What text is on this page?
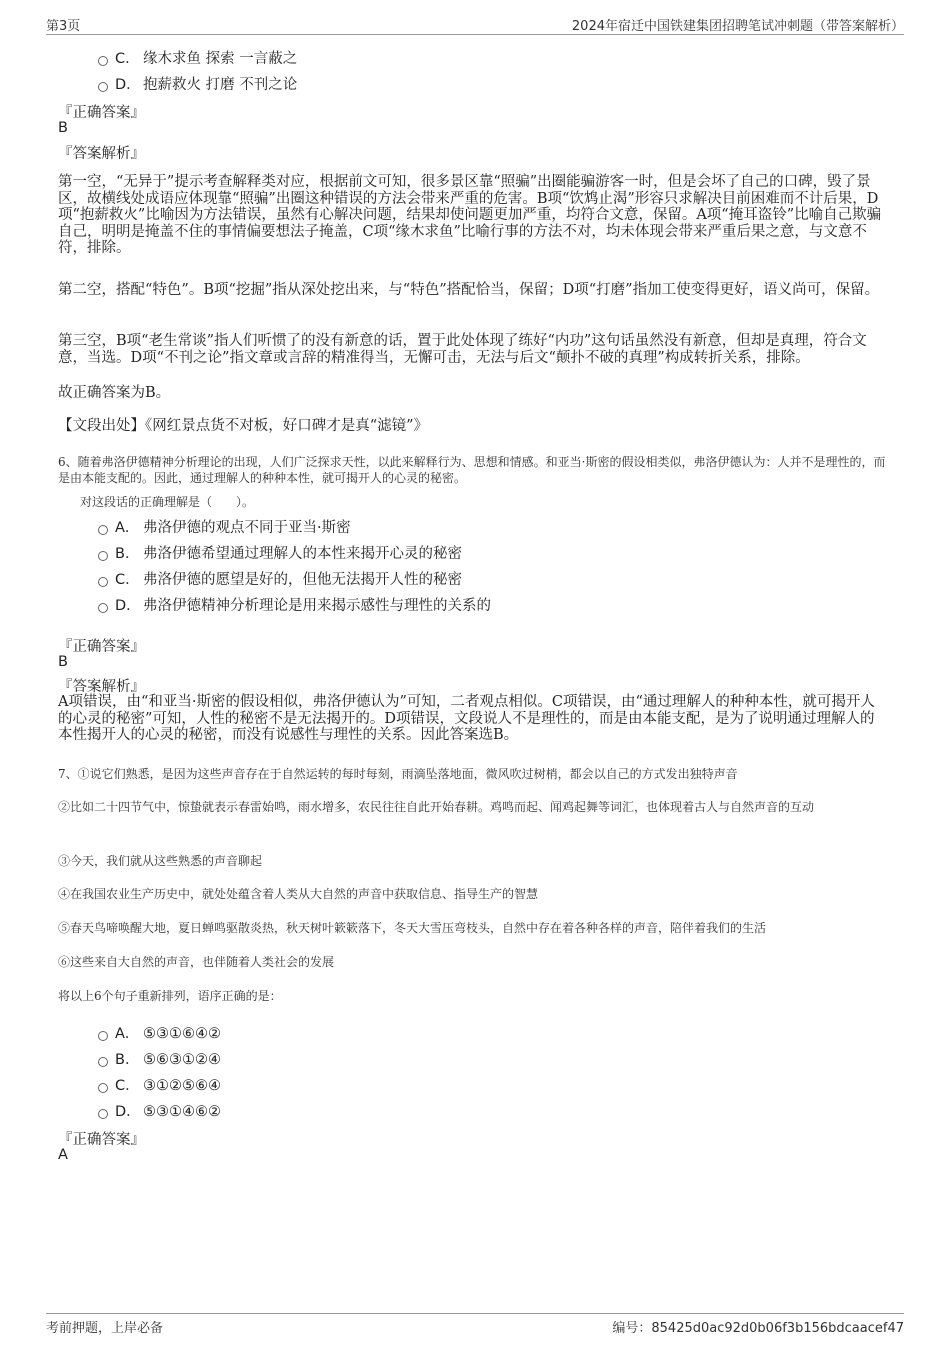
第3页	2024年宿迁中国铁建集团招聘笔试冲刺题（带答案解析）
C． 缘木求鱼 探索 一言蔽之
D． 抱薪救火 打磨 不刊之论
『正确答案』
B
『答案解析』
第一空，“无异于”提示考查解释类对应，根据前文可知，很多景区靠“照骗”出圈能骗游客一时，但是会坏了自己的口碑，毁了景区，故横线处成语应体现靠“照骗”出圈这种错误的方法会带来严重的危害。B项“饮鸩止渴”形容只求解决目前困难而不计后果，D项“抱薪救火”比喻因为方法错误，虽然有心解决问题，结果却使问题更加严重，均符合文意，保留。A项“掩耳盗铃”比喻自己欺骗自己，明明是掩盖不住的事情偏要想法子掩盖，C项“缘木求鱼”比喻行事的方法不对，均未体现会带来严重后果之意，与文意不符，排除。
第二空，搭配“特色”。B项“挖掘”指从深处挖出来，与“特色”搭配恰当，保留；D项“打磨”指加工使变得更好，语义尚可，保留。
第三空，B项“老生常谈”指人们听惯了的没有新意的话，置于此处体现了练好“内功”这句话虽然没有新意，但却是真理，符合文意，当选。D项“不刊之论”指文章或言辞的精准得当，无懈可击，无法与后文“颠扑不破的真理”构成转折关系，排除。
故正确答案为B。
【文段出处】《网红景点货不对板，好口碑才是真“滤镜”》
6、随着弗洛伊德精神分析理论的出现，人们广泛探求天性，以此来解释行为、思想和情感。和亚当·斯密的假设相类似，弗洛伊德认为：人并不是理性的，而是由本能支配的。因此，通过理解人的种种本性，就可揭开人的心灵的秘密。
对这段话的正确理解是（　　）。
A． 弗洛伊德的观点不同于亚当·斯密
B． 弗洛伊德希望通过理解人的本性来揭开心灵的秘密
C． 弗洛伊德的愿望是好的，但他无法揭开人性的秘密
D． 弗洛伊德精神分析理论是用来揭示感性与理性的关系的
『正确答案』
B
『答案解析』
A项错误，由“和亚当·斯密的假设相似，弗洛伊德认为”可知，二者观点相似。C项错误，由“通过理解人的种种本性，就可揭开人的心灵的秘密”可知，人性的秘密不是无法揭开的。D项错误，文段说人不是理性的，而是由本能支配，是为了说明通过理解人的本性揭开人的心灵的秘密，而没有说感性与理性的关系。因此答案选B。
7、①说它们熟悉，是因为这些声音存在于自然运转的每时每刻，雨滴坠落地面，微风吹过树梢，都会以自己的方式发出独特声音
②比如二十四节气中，惊蛰就表示春雷始鸣，雨水增多，农民往往自此开始春耕。鸡鸣而起、闻鸡起舞等词汇，也体现着古人与自然声音的互动
③今天，我们就从这些熟悉的声音聊起
④在我国农业生产历史中，就处处蕴含着人类从大自然的声音中获取信息、指导生产的智慧
⑤春天鸟啼唤醒大地，夏日蝉鸣驱散炎热，秋天树叶簌簌落下，冬天大雪压弯枝头，自然中存在着各种各样的声音，陪伴着我们的生活
⑥这些来自大自然的声音，也伴随着人类社会的发展
将以上6个句子重新排列，语序正确的是：
A． ⑤③①⑥④②
B． ⑤⑥③①②④
C． ③①②⑤⑥④
D． ⑤③①④⑥②
『正确答案』
A
考前押题，上岸必备	编号：85425d0ac92d0b06f3b156bdcaacef47
